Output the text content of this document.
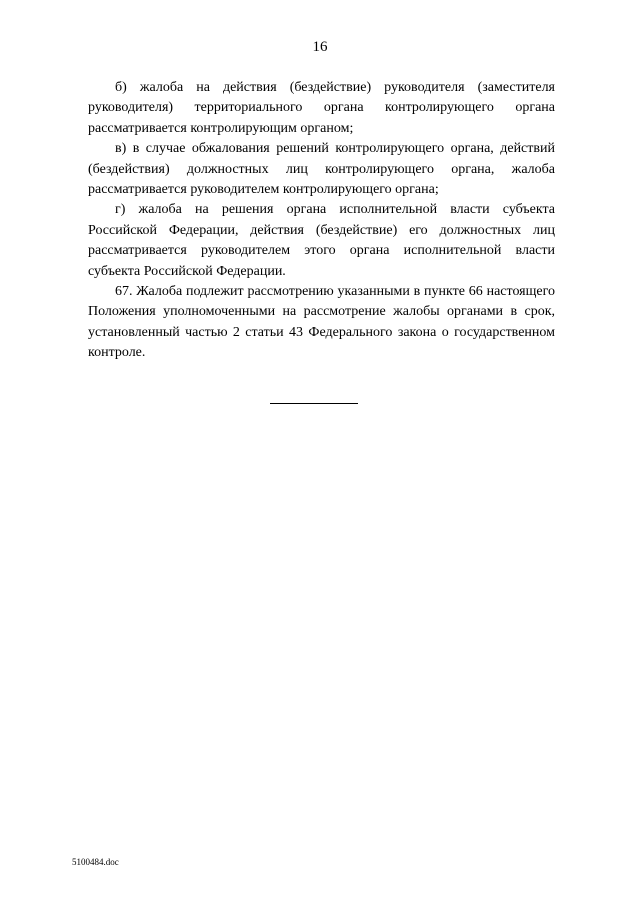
16

б) жалоба на действия (бездействие) руководителя (заместителя руководителя) территориального органа контролирующего органа рассматривается контролирующим органом;

в) в случае обжалования решений контролирующего органа, действий (бездействия) должностных лиц контролирующего органа, жалоба рассматривается руководителем контролирующего органа;

г) жалоба на решения органа исполнительной власти субъекта Российской Федерации, действия (бездействие) его должностных лиц рассматривается руководителем этого органа исполнительной власти субъекта Российской Федерации.

67. Жалоба подлежит рассмотрению указанными в пункте 66 настоящего Положения уполномоченными на рассмотрение жалобы органами в срок, установленный частью 2 статьи 43 Федерального закона о государственном контроле.

5100484.doc
